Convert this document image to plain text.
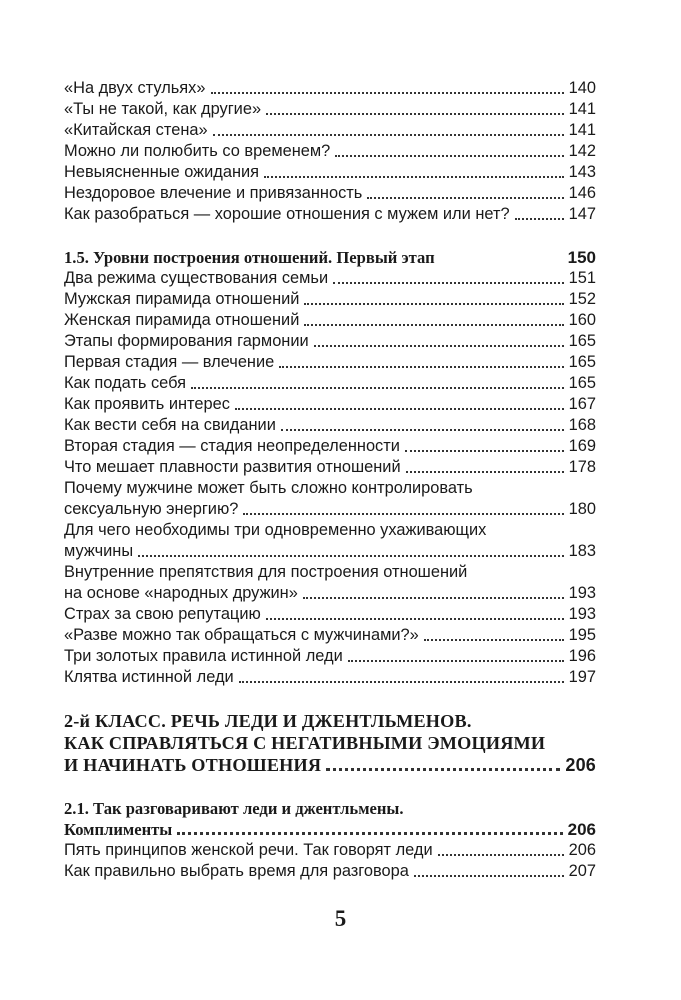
«На двух стульях»	140
«Ты не такой, как другие»	141
«Китайская стена»	141
Можно ли полюбить со временем?	142
Невыясненные ожидания	143
Нездоровое влечение и привязанность	146
Как разобраться — хорошие отношения с мужем или нет?	147
1.5. Уровни построения отношений. Первый этап	150
Два режима существования семьи	151
Мужская пирамида отношений	152
Женская пирамида отношений	160
Этапы формирования гармонии	165
Первая стадия — влечение	165
Как подать себя	165
Как проявить интерес	167
Как вести себя на свидании	168
Вторая стадия — стадия неопределенности	169
Что мешает плавности развития отношений	178
Почему мужчине может быть сложно контролировать
сексуальную энергию?	180
Для чего необходимы три одновременно ухаживающих
мужчины	183
Внутренние препятствия для построения отношений
на основе «народных дружин»	193
Страх за свою репутацию	193
«Разве можно так обращаться с мужчинами?»	195
Три золотых правила истинной леди	196
Клятва истинной леди	197
2-й КЛАСС. РЕЧЬ ЛЕДИ И ДЖЕНТЛЬМЕНОВ.
КАК СПРАВЛЯТЬСЯ С НЕГАТИВНЫМИ ЭМОЦИЯМИ
И НАЧИНАТЬ ОТНОШЕНИЯ	206
2.1. Так разговаривают леди и джентльмены.
Комплименты	206
Пять принципов женской речи. Так говорят леди	206
Как правильно выбрать время для разговора	207
5
